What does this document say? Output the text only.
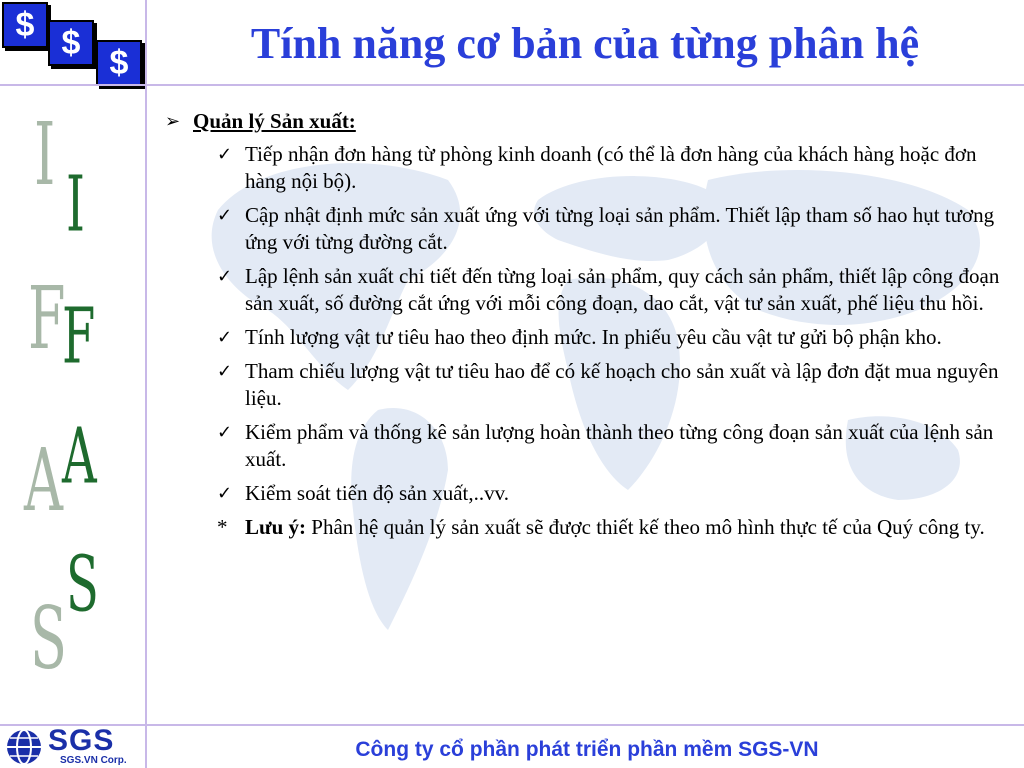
$ $
$
I I
F
F
A A
S
S
Tính năng cơ bản của từng phân hệ
➢ Quản lý Sản xuất:
✓ Tiếp nhận đơn hàng từ phòng kinh doanh (có thể là đơn hàng của khách hàng hoặc đơn hàng nội bộ).
✓ Cập nhật định mức sản xuất ứng với từng loại sản phẩm. Thiết lập tham số hao hụt tương ứng với từng đường cắt.
✓ Lập lệnh sản xuất chi tiết đến từng loại sản phẩm, quy cách sản phẩm, thiết lập công đoạn sản xuất, số đường cắt ứng với mỗi công đoạn, dao cắt, vật tư sản xuất, phế liệu thu hồi.
✓ Tính lượng vật tư tiêu hao theo định mức. In phiếu yêu cầu vật tư gửi bộ phận kho.
✓ Tham chiếu lượng vật tư tiêu hao để có kế hoạch cho sản xuất và lập đơn đặt mua nguyên liệu.
✓ Kiểm phẩm và thống kê sản lượng hoàn thành theo từng công đoạn sản xuất của lệnh sản xuất.
✓ Kiểm soát tiến độ sản xuất,..vv.
* Lưu ý: Phân hệ quản lý sản xuất sẽ được thiết kế theo mô hình thực tế của Quý công ty.
SGS
SGS.VN Corp.	Công ty cổ phần phát triển phần mềm SGS-VN
